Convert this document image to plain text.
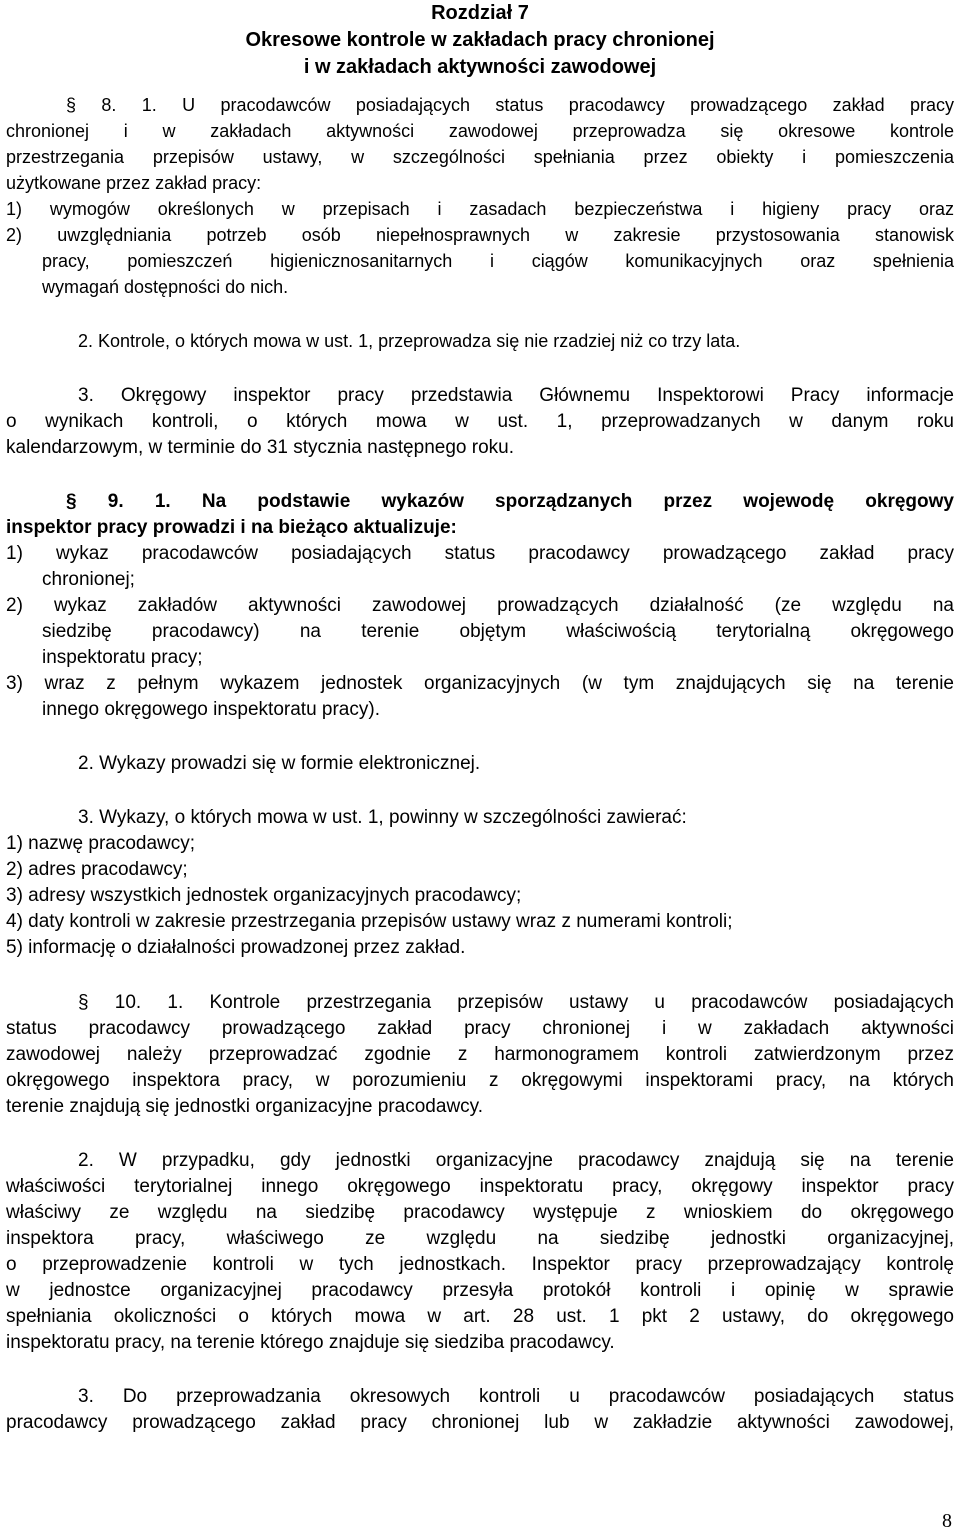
Rozdział 7
Okresowe kontrole w zakładach pracy chronionej
i w zakładach aktywności zawodowej
§ 8. 1. U pracodawców posiadających status pracodawcy prowadzącego zakład pracy
chronionej i w zakładach aktywności zawodowej przeprowadza się okresowe kontrole
przestrzegania przepisów ustawy, w szczególności spełniania przez obiekty i pomieszczenia
użytkowane przez zakład pracy:
1) wymogów określonych w przepisach i zasadach bezpieczeństwa i higieny pracy oraz
2) uwzględniania potrzeb osób niepełnosprawnych w zakresie przystosowania stanowisk
pracy, pomieszczeń higienicznosanitarnych i ciągów komunikacyjnych oraz spełnienia
wymagań dostępności do nich.
2. Kontrole, o których mowa w ust. 1, przeprowadza się nie rzadziej niż co trzy lata.
3. Okręgowy inspektor pracy przedstawia Głównemu Inspektorowi Pracy informacje
o wynikach kontroli, o których mowa w ust. 1, przeprowadzanych w danym roku
kalendarzowym, w terminie do 31 stycznia następnego roku.
§ 9. 1. Na podstawie wykazów sporządzanych przez wojewodę okręgowy
inspektor pracy prowadzi i na bieżąco aktualizuje:
1) wykaz pracodawców posiadających status pracodawcy prowadzącego zakład pracy
chronionej;
2) wykaz zakładów aktywności zawodowej prowadzących działalność (ze względu na
siedzibę pracodawcy) na terenie objętym właściwością terytorialną okręgowego
inspektoratu pracy;
3) wraz z pełnym wykazem jednostek organizacyjnych (w tym znajdujących się na terenie
innego okręgowego inspektoratu pracy).
2. Wykazy prowadzi się w formie elektronicznej.
3. Wykazy, o których mowa w ust. 1, powinny w szczególności zawierać:
1) nazwę pracodawcy;
2) adres pracodawcy;
3) adresy wszystkich jednostek organizacyjnych pracodawcy;
4) daty kontroli w zakresie przestrzegania przepisów ustawy wraz z numerami kontroli;
5) informację o działalności prowadzonej przez zakład.
§ 10. 1. Kontrole przestrzegania przepisów ustawy u pracodawców posiadających
status pracodawcy prowadzącego zakład pracy chronionej i w zakładach aktywności
zawodowej należy przeprowadzać zgodnie z harmonogramem kontroli zatwierdzonym przez
okręgowego inspektora pracy, w porozumieniu z okręgowymi inspektorami pracy, na których
terenie znajdują się jednostki organizacyjne pracodawcy.
2. W przypadku, gdy jednostki organizacyjne pracodawcy znajdują się na terenie
właściwości terytorialnej innego okręgowego inspektoratu pracy, okręgowy inspektor pracy
właściwy ze względu na siedzibę pracodawcy występuje z wnioskiem do okręgowego
inspektora pracy, właściwego ze względu na siedzibę jednostki organizacyjnej,
o przeprowadzenie kontroli w tych jednostkach. Inspektor pracy przeprowadzający kontrolę
w jednostce organizacyjnej pracodawcy przesyła protokół kontroli i opinię w sprawie
spełniania okoliczności o których mowa w art. 28 ust. 1 pkt 2 ustawy, do okręgowego
inspektoratu pracy, na terenie którego znajduje się siedziba pracodawcy.
3. Do przeprowadzania okresowych kontroli u pracodawców posiadających status
pracodawcy prowadzącego zakład pracy chronionej lub w zakładzie aktywności zawodowej,
8
